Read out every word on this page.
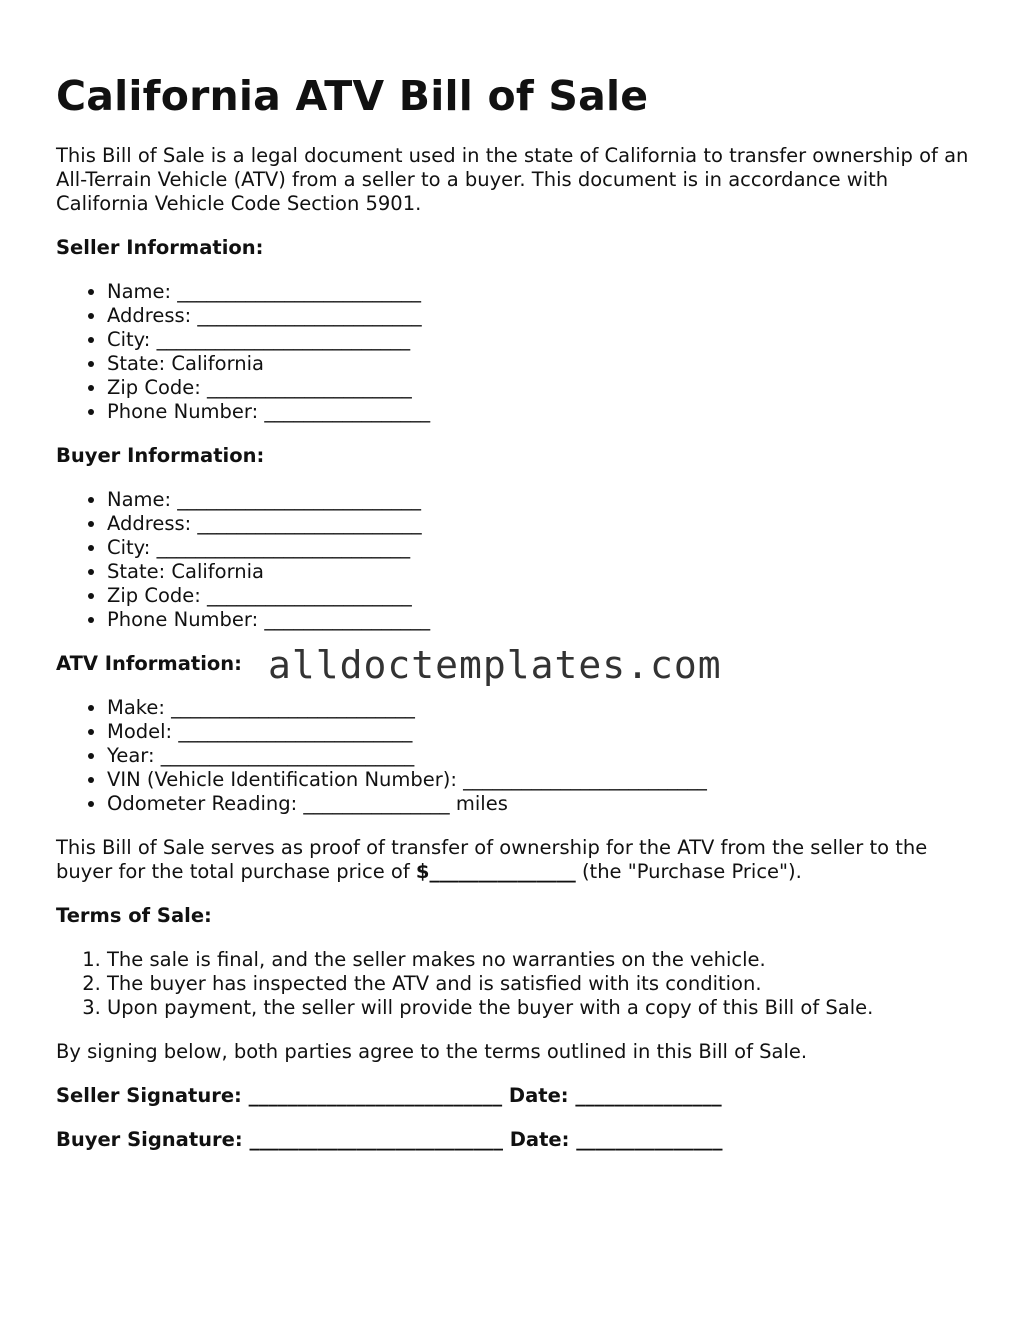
California ATV Bill of Sale

This Bill of Sale is a legal document used in the state of California to transfer ownership of an All-Terrain Vehicle (ATV) from a seller to a buyer. This document is in accordance with California Vehicle Code Section 5901.

Seller Information:
• Name: _________________________
• Address: _______________________
• City: __________________________
• State: California
• Zip Code: _____________________
• Phone Number: _________________
Buyer Information:
• Name: _________________________
• Address: _______________________
• City: __________________________
• State: California
• Zip Code: _____________________
• Phone Number: _________________
ATV Information:
• Make: _________________________
• Model: ________________________
• Year: __________________________
• VIN (Vehicle Identification Number): _________________________
• Odometer Reading: _______________ miles

This Bill of Sale serves as proof of transfer of ownership for the ATV from the seller to the buyer for the total purchase price of $_______________ (the "Purchase Price").

Terms of Sale:
1. The sale is final, and the seller makes no warranties on the vehicle.
2. The buyer has inspected the ATV and is satisfied with its condition.
3. Upon payment, the seller will provide the buyer with a copy of this Bill of Sale.

By signing below, both parties agree to the terms outlined in this Bill of Sale.

Seller Signature: __________________________ Date: _______________
Buyer Signature: __________________________ Date: _______________
alldoctemplates.com
